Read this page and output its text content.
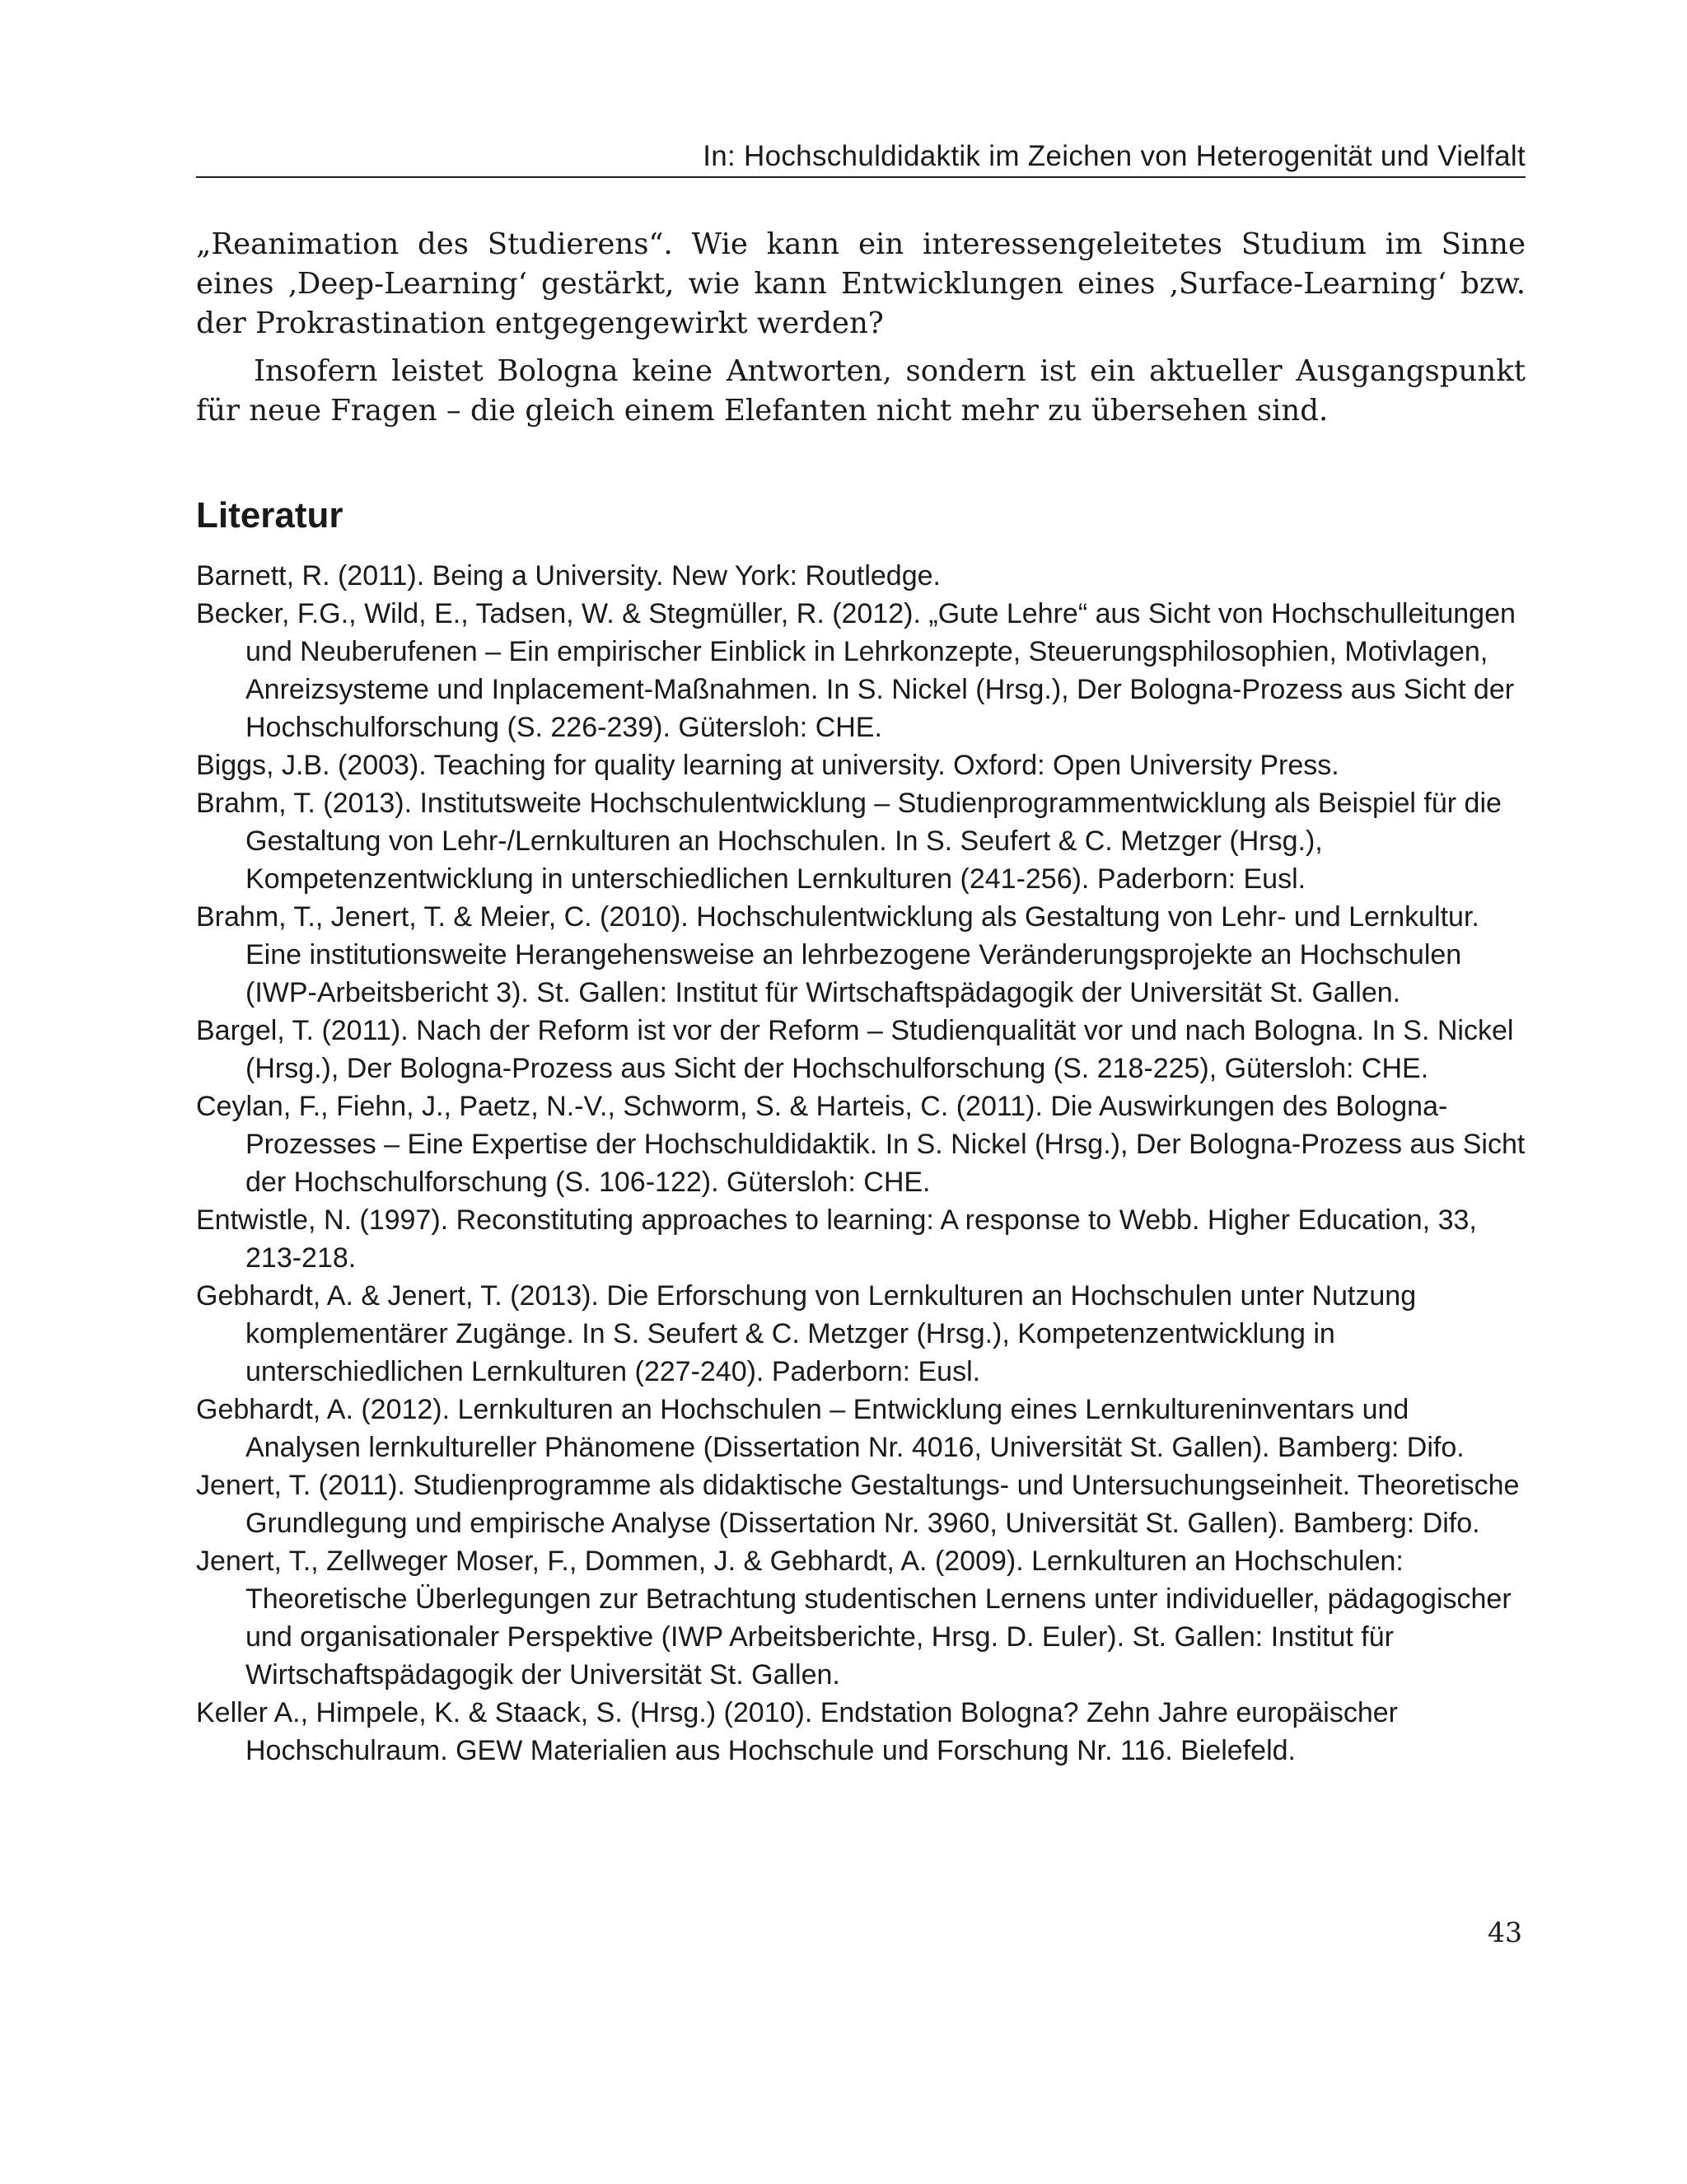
In: Hochschuldidaktik im Zeichen von Heterogenität und Vielfalt

„Reanimation des Studierens“. Wie kann ein interessengeleitetes Studium im Sinne eines ‚Deep-Learning‘ gestärkt, wie kann Entwicklungen eines ‚Surface-Learning‘ bzw. der Prokrastination entgegengewirkt werden?

Insofern leistet Bologna keine Antworten, sondern ist ein aktueller Ausgangspunkt für neue Fragen – die gleich einem Elefanten nicht mehr zu übersehen sind.

Literatur

Barnett, R. (2011). Being a University. New York: Routledge.

Becker, F.G., Wild, E., Tadsen, W. & Stegmüller, R. (2012). „Gute Lehre“ aus Sicht von Hochschulleitungen und Neuberufenen – Ein empirischer Einblick in Lehrkonzepte, Steuerungsphilosophien, Motivlagen, Anreizsysteme und Inplacement-Maßnahmen. In S. Nickel (Hrsg.), Der Bologna-Prozess aus Sicht der Hochschulforschung (S. 226-239). Gütersloh: CHE.

Biggs, J.B. (2003). Teaching for quality learning at university. Oxford: Open University Press.

Brahm, T. (2013). Institutsweite Hochschulentwicklung – Studienprogrammentwicklung als Beispiel für die Gestaltung von Lehr-/Lernkulturen an Hochschulen. In S. Seufert & C. Metzger (Hrsg.), Kompetenzentwicklung in unterschiedlichen Lernkulturen (241-256). Paderborn: Eusl.

Brahm, T., Jenert, T. & Meier, C. (2010). Hochschulentwicklung als Gestaltung von Lehr- und Lernkultur. Eine institutionsweite Herangehensweise an lehrbezogene Veränderungsprojekte an Hochschulen (IWP-Arbeitsbericht 3). St. Gallen: Institut für Wirtschaftspädagogik der Universität St. Gallen.

Bargel, T. (2011). Nach der Reform ist vor der Reform – Studienqualität vor und nach Bologna. In S. Nickel (Hrsg.), Der Bologna-Prozess aus Sicht der Hochschulforschung (S. 218-225), Gütersloh: CHE.

Ceylan, F., Fiehn, J., Paetz, N.-V., Schworm, S. & Harteis, C. (2011). Die Auswirkungen des Bologna-Prozesses – Eine Expertise der Hochschuldidaktik. In S. Nickel (Hrsg.), Der Bologna-Prozess aus Sicht der Hochschulforschung (S. 106-122). Gütersloh: CHE.

Entwistle, N. (1997). Reconstituting approaches to learning: A response to Webb. Higher Education, 33, 213-218.

Gebhardt, A. & Jenert, T. (2013). Die Erforschung von Lernkulturen an Hochschulen unter Nutzung komplementärer Zugänge. In S. Seufert & C. Metzger (Hrsg.), Kompetenzentwicklung in unterschiedlichen Lernkulturen (227-240). Paderborn: Eusl.

Gebhardt, A. (2012). Lernkulturen an Hochschulen – Entwicklung eines Lernkultureninventars und Analysen lernkultureller Phänomene (Dissertation Nr. 4016, Universität St. Gallen). Bamberg: Difo.

Jenert, T. (2011). Studienprogramme als didaktische Gestaltungs- und Untersuchungseinheit. Theoretische Grundlegung und empirische Analyse (Dissertation Nr. 3960, Universität St. Gallen). Bamberg: Difo.

Jenert, T., Zellweger Moser, F., Dommen, J. & Gebhardt, A. (2009). Lernkulturen an Hochschulen: Theoretische Überlegungen zur Betrachtung studentischen Lernens unter individueller, pädagogischer und organisationaler Perspektive (IWP Arbeitsberichte, Hrsg. D. Euler). St. Gallen: Institut für Wirtschaftspädagogik der Universität St. Gallen.

Keller A., Himpele, K. & Staack, S. (Hrsg.) (2010). Endstation Bologna? Zehn Jahre europäischer Hochschulraum. GEW Materialien aus Hochschule und Forschung Nr. 116. Bielefeld.

43
